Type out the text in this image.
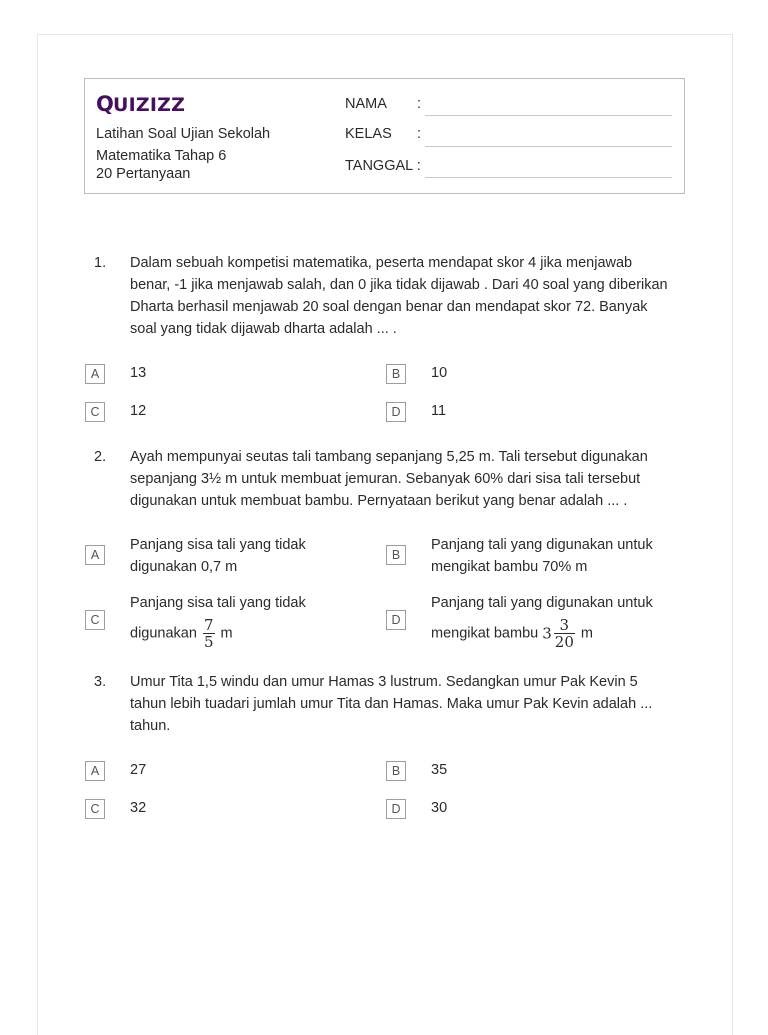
Q
UIZIZZ
Latihan Soal Ujian Sekolah
Matematika Tahap 6
20 Pertanyaan
NAMA :
KELAS :
TANGGAL :
1. Dalam sebuah kompetisi matematika, peserta mendapat skor 4 jika menjawab
benar, -1 jika menjawab salah, dan 0 jika tidak dijawab . Dari 40 soal yang diberikan
Dharta berhasil menjawab 20 soal dengan benar dan mendapat skor 72. Banyak
soal yang tidak dijawab dharta adalah ... .
A	13	B	10
C	12	D	11
2. Ayah mempunyai seutas tali tambang sepanjang 5,25 m. Tali tersebut digunakan
sepanjang 3½ m untuk membuat jemuran. Sebanyak 60% dari sisa tali tersebut
digunakan untuk membuat bambu. Pernyataan berikut yang benar adalah ... .
A
Panjang sisa tali yang tidak
digunakan 0,7 m
B
Panjang tali yang digunakan untuk
mengikat bambu 70% m
C
Panjang sisa tali yang tidak
digunakan $\frac{7}{5}$ m
D
Panjang tali yang digunakan untuk
mengikat bambu $3 \frac{3}{20}$ m
3. Umur Tita 1,5 windu dan umur Hamas 3 lustrum. Sedangkan umur Pak Kevin 5
tahun lebih tuadari jumlah umur Tita dan Hamas. Maka umur Pak Kevin adalah ...
tahun.
A	27	B	35
C	32	D	30
